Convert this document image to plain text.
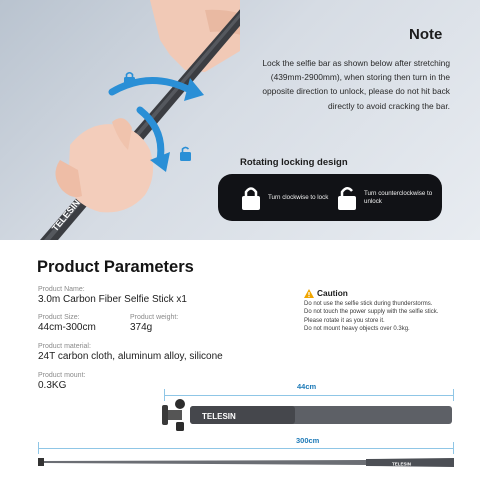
TELESIN
Note
Lock the selfie bar as shown below after stretching (439mm-2900mm), when storing then turn in the opposite direction to unlock, please do not hit back directly to avoid cracking the bar.
Rotating locking design
Turn clockwise to lock
Turn counterclockwise to unlock
Product Parameters
Product Name:
3.0m Carbon Fiber Selfie Stick x1
Product Size:
44cm-300cm
Product weight:
374g
Product material:
24T carbon cloth, aluminum alloy, silicone
Product mount:
0.3KG
Caution
Do not use the selfie stick during thunderstorms.
Do not touch the power supply with the selfie stick.
Please rotate it as you store it.
Do not mount heavy objects over 0.3kg.
44cm
TELESIN
300cm
TELESIN
